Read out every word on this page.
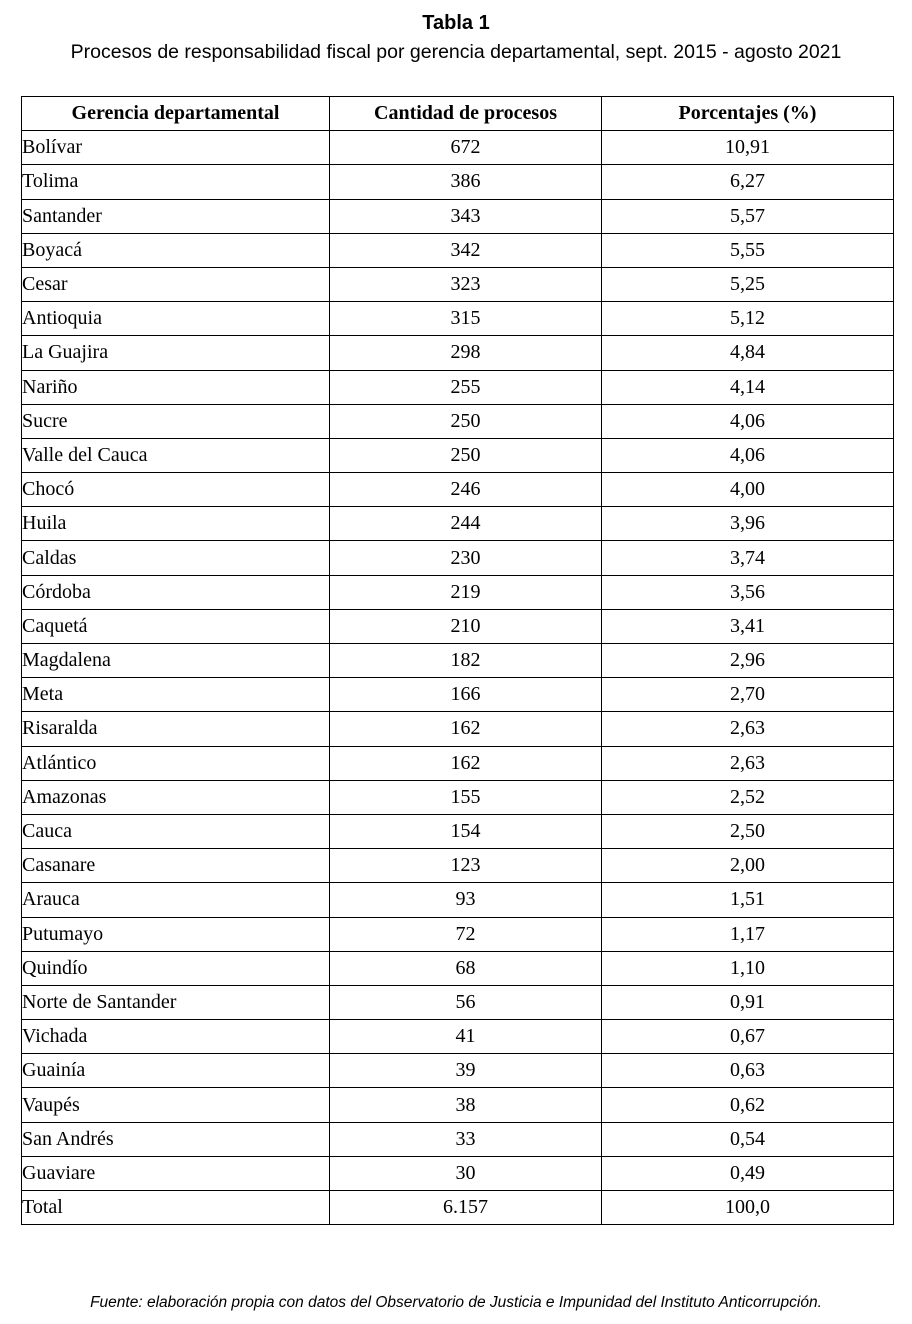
Tabla 1
Procesos de responsabilidad fiscal por gerencia departamental, sept. 2015 - agosto 2021
Gerencia departamental	Cantidad de procesos	Porcentajes (%)
Bolívar	672	10,91
Tolima	386	6,27
Santander	343	5,57
Boyacá	342	5,55
Cesar	323	5,25
Antioquia	315	5,12
La Guajira	298	4,84
Nariño	255	4,14
Sucre	250	4,06
Valle del Cauca	250	4,06
Chocó	246	4,00
Huila	244	3,96
Caldas	230	3,74
Córdoba	219	3,56
Caquetá	210	3,41
Magdalena	182	2,96
Meta	166	2,70
Risaralda	162	2,63
Atlántico	162	2,63
Amazonas	155	2,52
Cauca	154	2,50
Casanare	123	2,00
Arauca	93	1,51
Putumayo	72	1,17
Quindío	68	1,10
Norte de Santander	56	0,91
Vichada	41	0,67
Guainía	39	0,63
Vaupés	38	0,62
San Andrés	33	0,54
Guaviare	30	0,49
Total	6.157	100,0
Fuente: elaboración propia con datos del Observatorio de Justicia e Impunidad del Instituto Anticorrupción.
